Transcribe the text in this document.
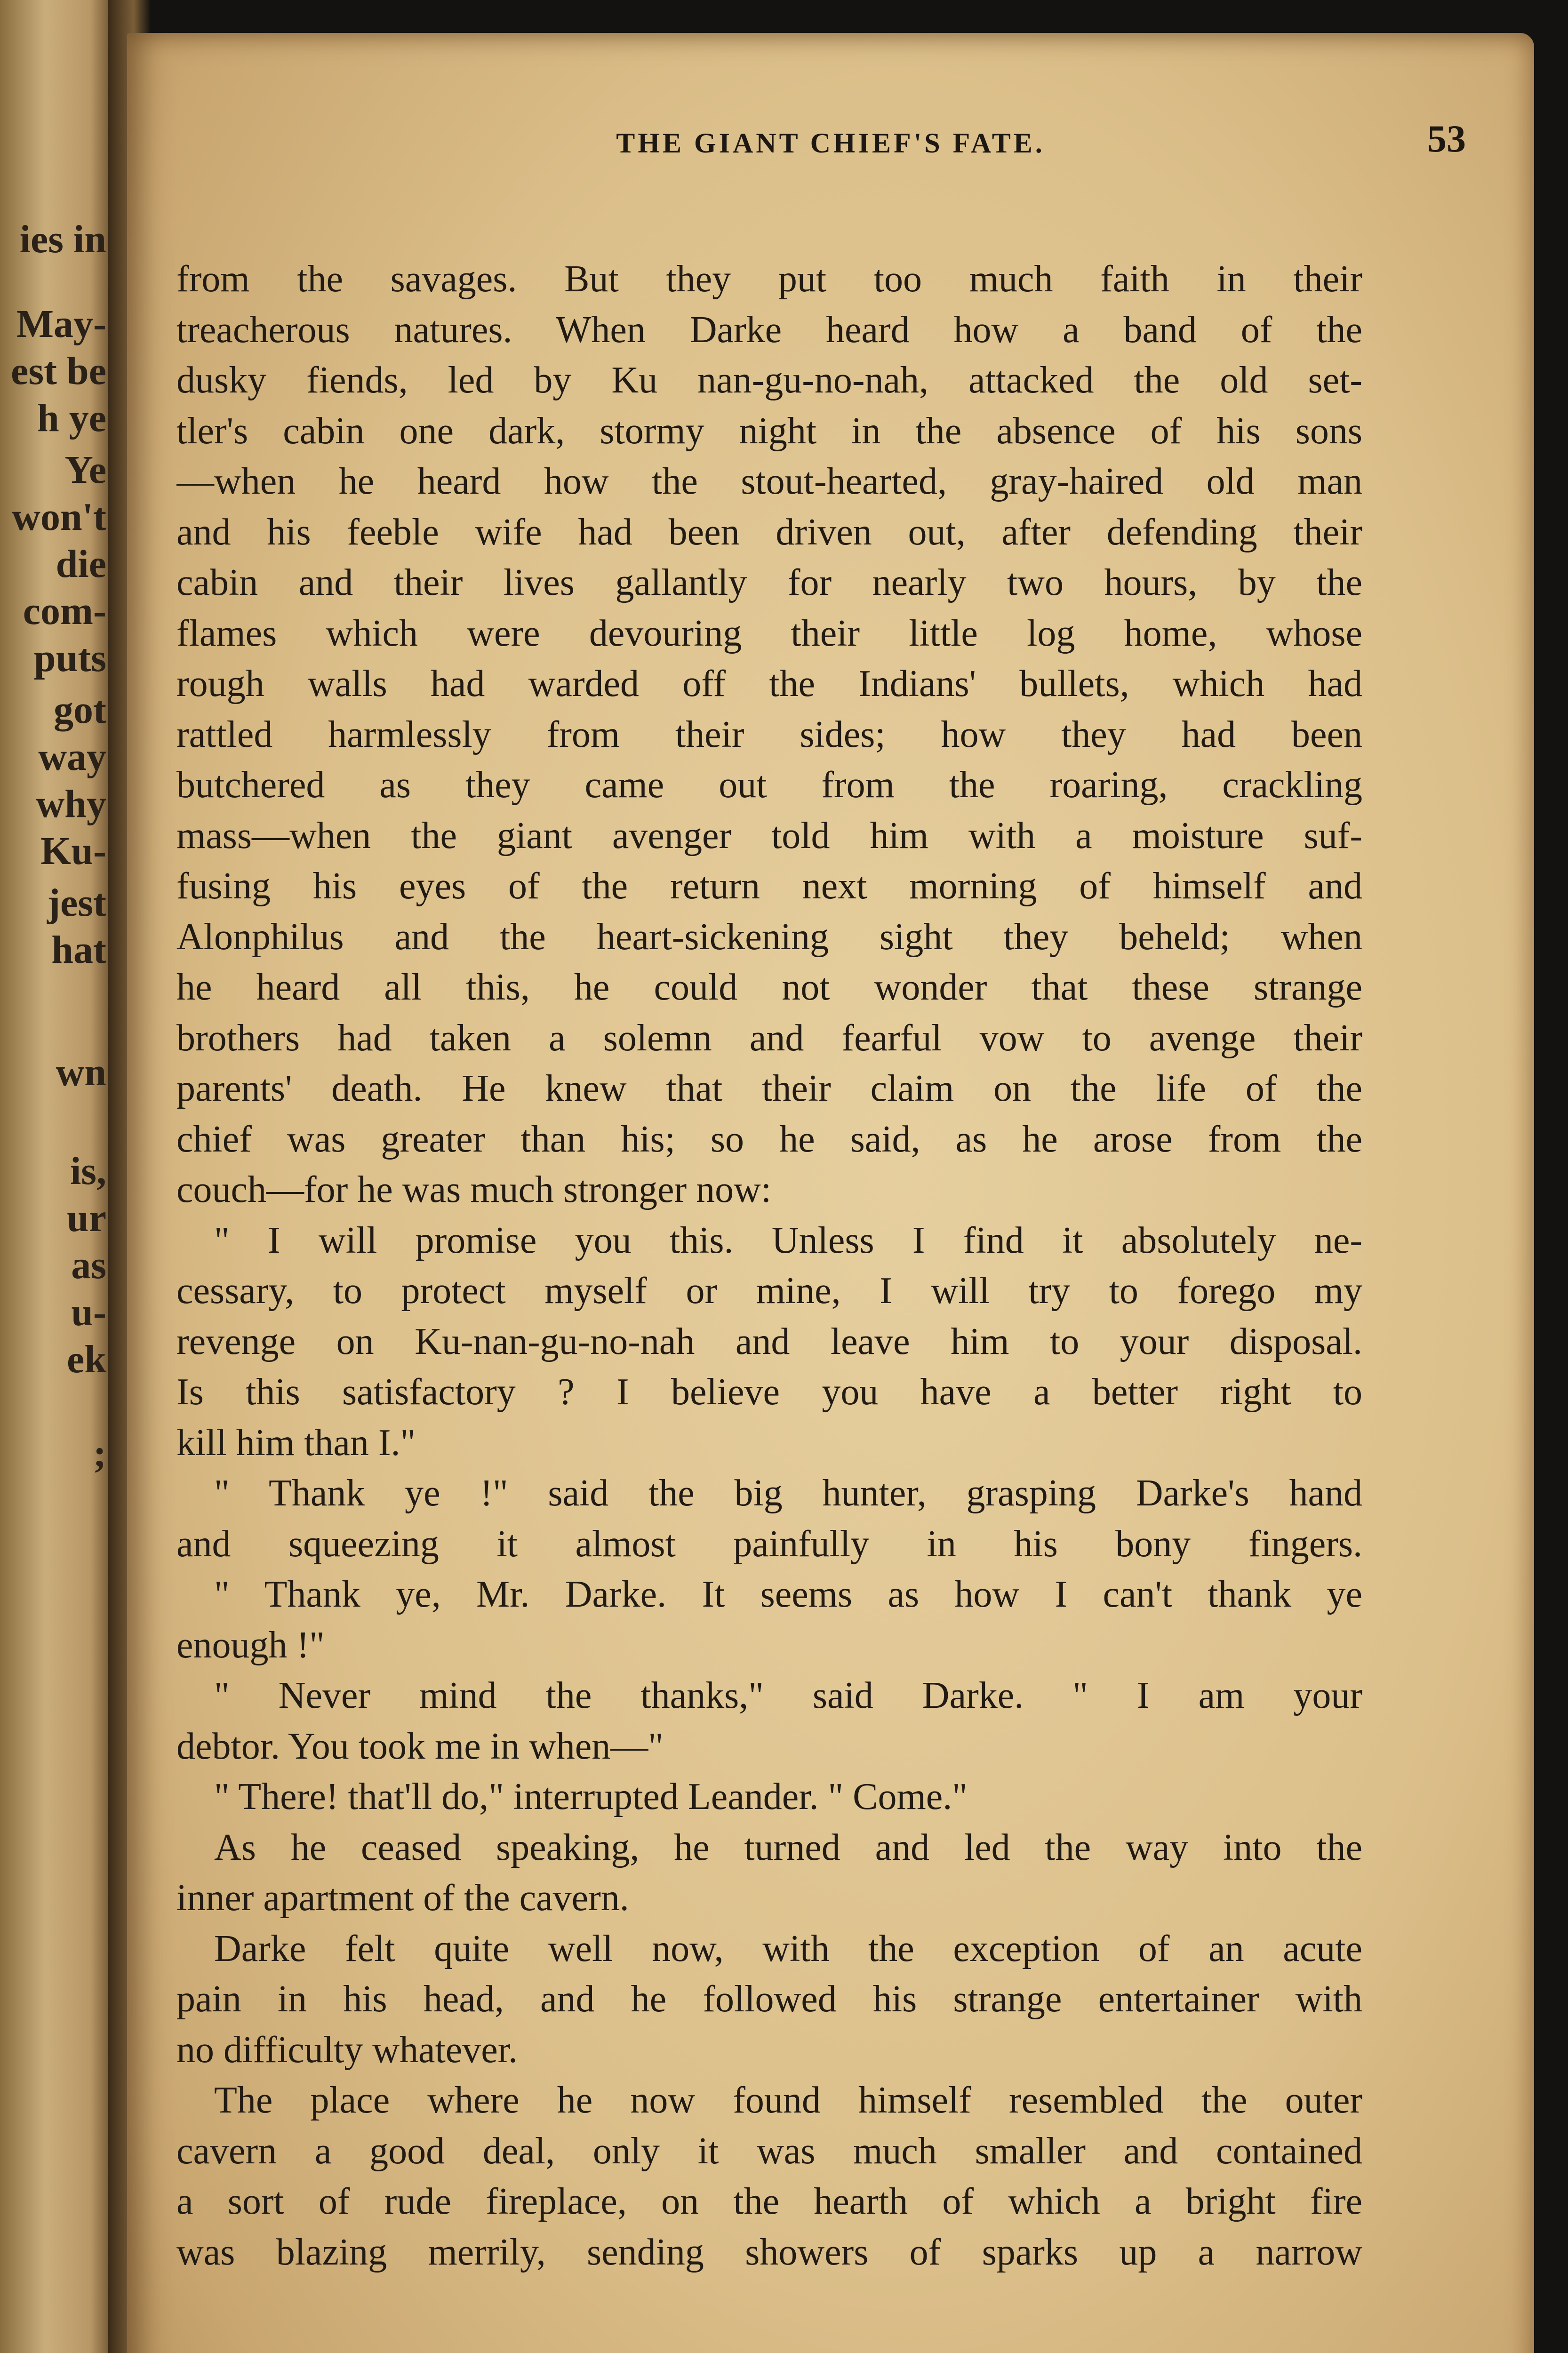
ies in
May-
est be
h ye
Ye
won't
die
com-
puts
got
way
why
Ku-
jest
hat
wn
is,
ur
as
u-
ek
;
THE GIANT CHIEF'S FATE.	53
from the savages. But they put too much faith in their
treacherous natures. When Darke heard how a band of the
dusky fiends, led by Ku nan-gu-no-nah, attacked the old set-
tler's cabin one dark, stormy night in the absence of his sons
—when he heard how the stout-hearted, gray-haired old man
and his feeble wife had been driven out, after defending their
cabin and their lives gallantly for nearly two hours, by the
flames which were devouring their little log home, whose
rough walls had warded off the Indians' bullets, which had
rattled harmlessly from their sides; how they had been
butchered as they came out from the roaring, crackling
mass—when the giant avenger told him with a moisture suf-
fusing his eyes of the return next morning of himself and
Alonphilus and the heart-sickening sight they beheld; when
he heard all this, he could not wonder that these strange
brothers had taken a solemn and fearful vow to avenge their
parents' death. He knew that their claim on the life of the
chief was greater than his; so he said, as he arose from the
couch—for he was much stronger now:
" I will promise you this. Unless I find it absolutely ne-
cessary, to protect myself or mine, I will try to forego my
revenge on Ku-nan-gu-no-nah and leave him to your disposal.
Is this satisfactory ? I believe you have a better right to
kill him than I."
" Thank ye !" said the big hunter, grasping Darke's hand
and squeezing it almost painfully in his bony fingers.
" Thank ye, Mr. Darke. It seems as how I can't thank ye
enough !"
" Never mind the thanks," said Darke. " I am your
debtor. You took me in when—"
" There! that'll do," interrupted Leander. " Come."
As he ceased speaking, he turned and led the way into the
inner apartment of the cavern.
Darke felt quite well now, with the exception of an acute
pain in his head, and he followed his strange entertainer with
no difficulty whatever.
The place where he now found himself resembled the outer
cavern a good deal, only it was much smaller and contained
a sort of rude fireplace, on the hearth of which a bright fire
was blazing merrily, sending showers of sparks up a narrow
